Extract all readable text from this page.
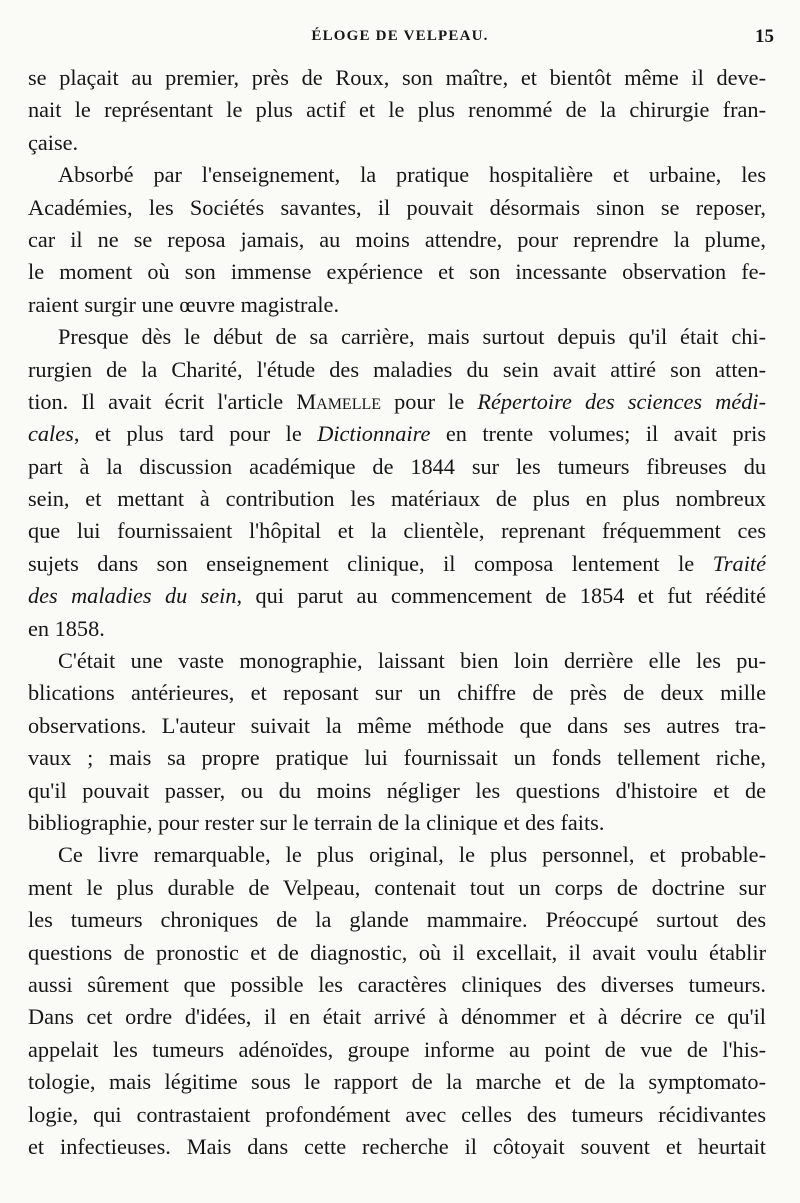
ÉLOGE DE VELPEAU.	15
se plaçait au premier, près de Roux, son maître, et bientôt même il deve-
nait le représentant le plus actif et le plus renommé de la chirurgie fran-
çaise.
Absorbé par l'enseignement, la pratique hospitalière et urbaine, les
Académies, les Sociétés savantes, il pouvait désormais sinon se reposer,
car il ne se reposa jamais, au moins attendre, pour reprendre la plume,
le moment où son immense expérience et son incessante observation fe-
raient surgir une œuvre magistrale.
Presque dès le début de sa carrière, mais surtout depuis qu'il était chi-
rurgien de la Charité, l'étude des maladies du sein avait attiré son atten-
tion. Il avait écrit l'article Mamelle pour le Répertoire des sciences médi-
cales, et plus tard pour le Dictionnaire en trente volumes; il avait pris
part à la discussion académique de 1844 sur les tumeurs fibreuses du
sein, et mettant à contribution les matériaux de plus en plus nombreux
que lui fournissaient l'hôpital et la clientèle, reprenant fréquemment ces
sujets dans son enseignement clinique, il composa lentement le Traité
des maladies du sein, qui parut au commencement de 1854 et fut réédité
en 1858.
C'était une vaste monographie, laissant bien loin derrière elle les pu-
blications antérieures, et reposant sur un chiffre de près de deux mille
observations. L'auteur suivait la même méthode que dans ses autres tra-
vaux ; mais sa propre pratique lui fournissait un fonds tellement riche,
qu'il pouvait passer, ou du moins négliger les questions d'histoire et de
bibliographie, pour rester sur le terrain de la clinique et des faits.
Ce livre remarquable, le plus original, le plus personnel, et probable-
ment le plus durable de Velpeau, contenait tout un corps de doctrine sur
les tumeurs chroniques de la glande mammaire. Préoccupé surtout des
questions de pronostic et de diagnostic, où il excellait, il avait voulu établir
aussi sûrement que possible les caractères cliniques des diverses tumeurs.
Dans cet ordre d'idées, il en était arrivé à dénommer et à décrire ce qu'il
appelait les tumeurs adénoïdes, groupe informe au point de vue de l'his-
tologie, mais légitime sous le rapport de la marche et de la symptomato-
logie, qui contrastaient profondément avec celles des tumeurs récidivantes
et infectieuses. Mais dans cette recherche il côtoyait souvent et heurtait
